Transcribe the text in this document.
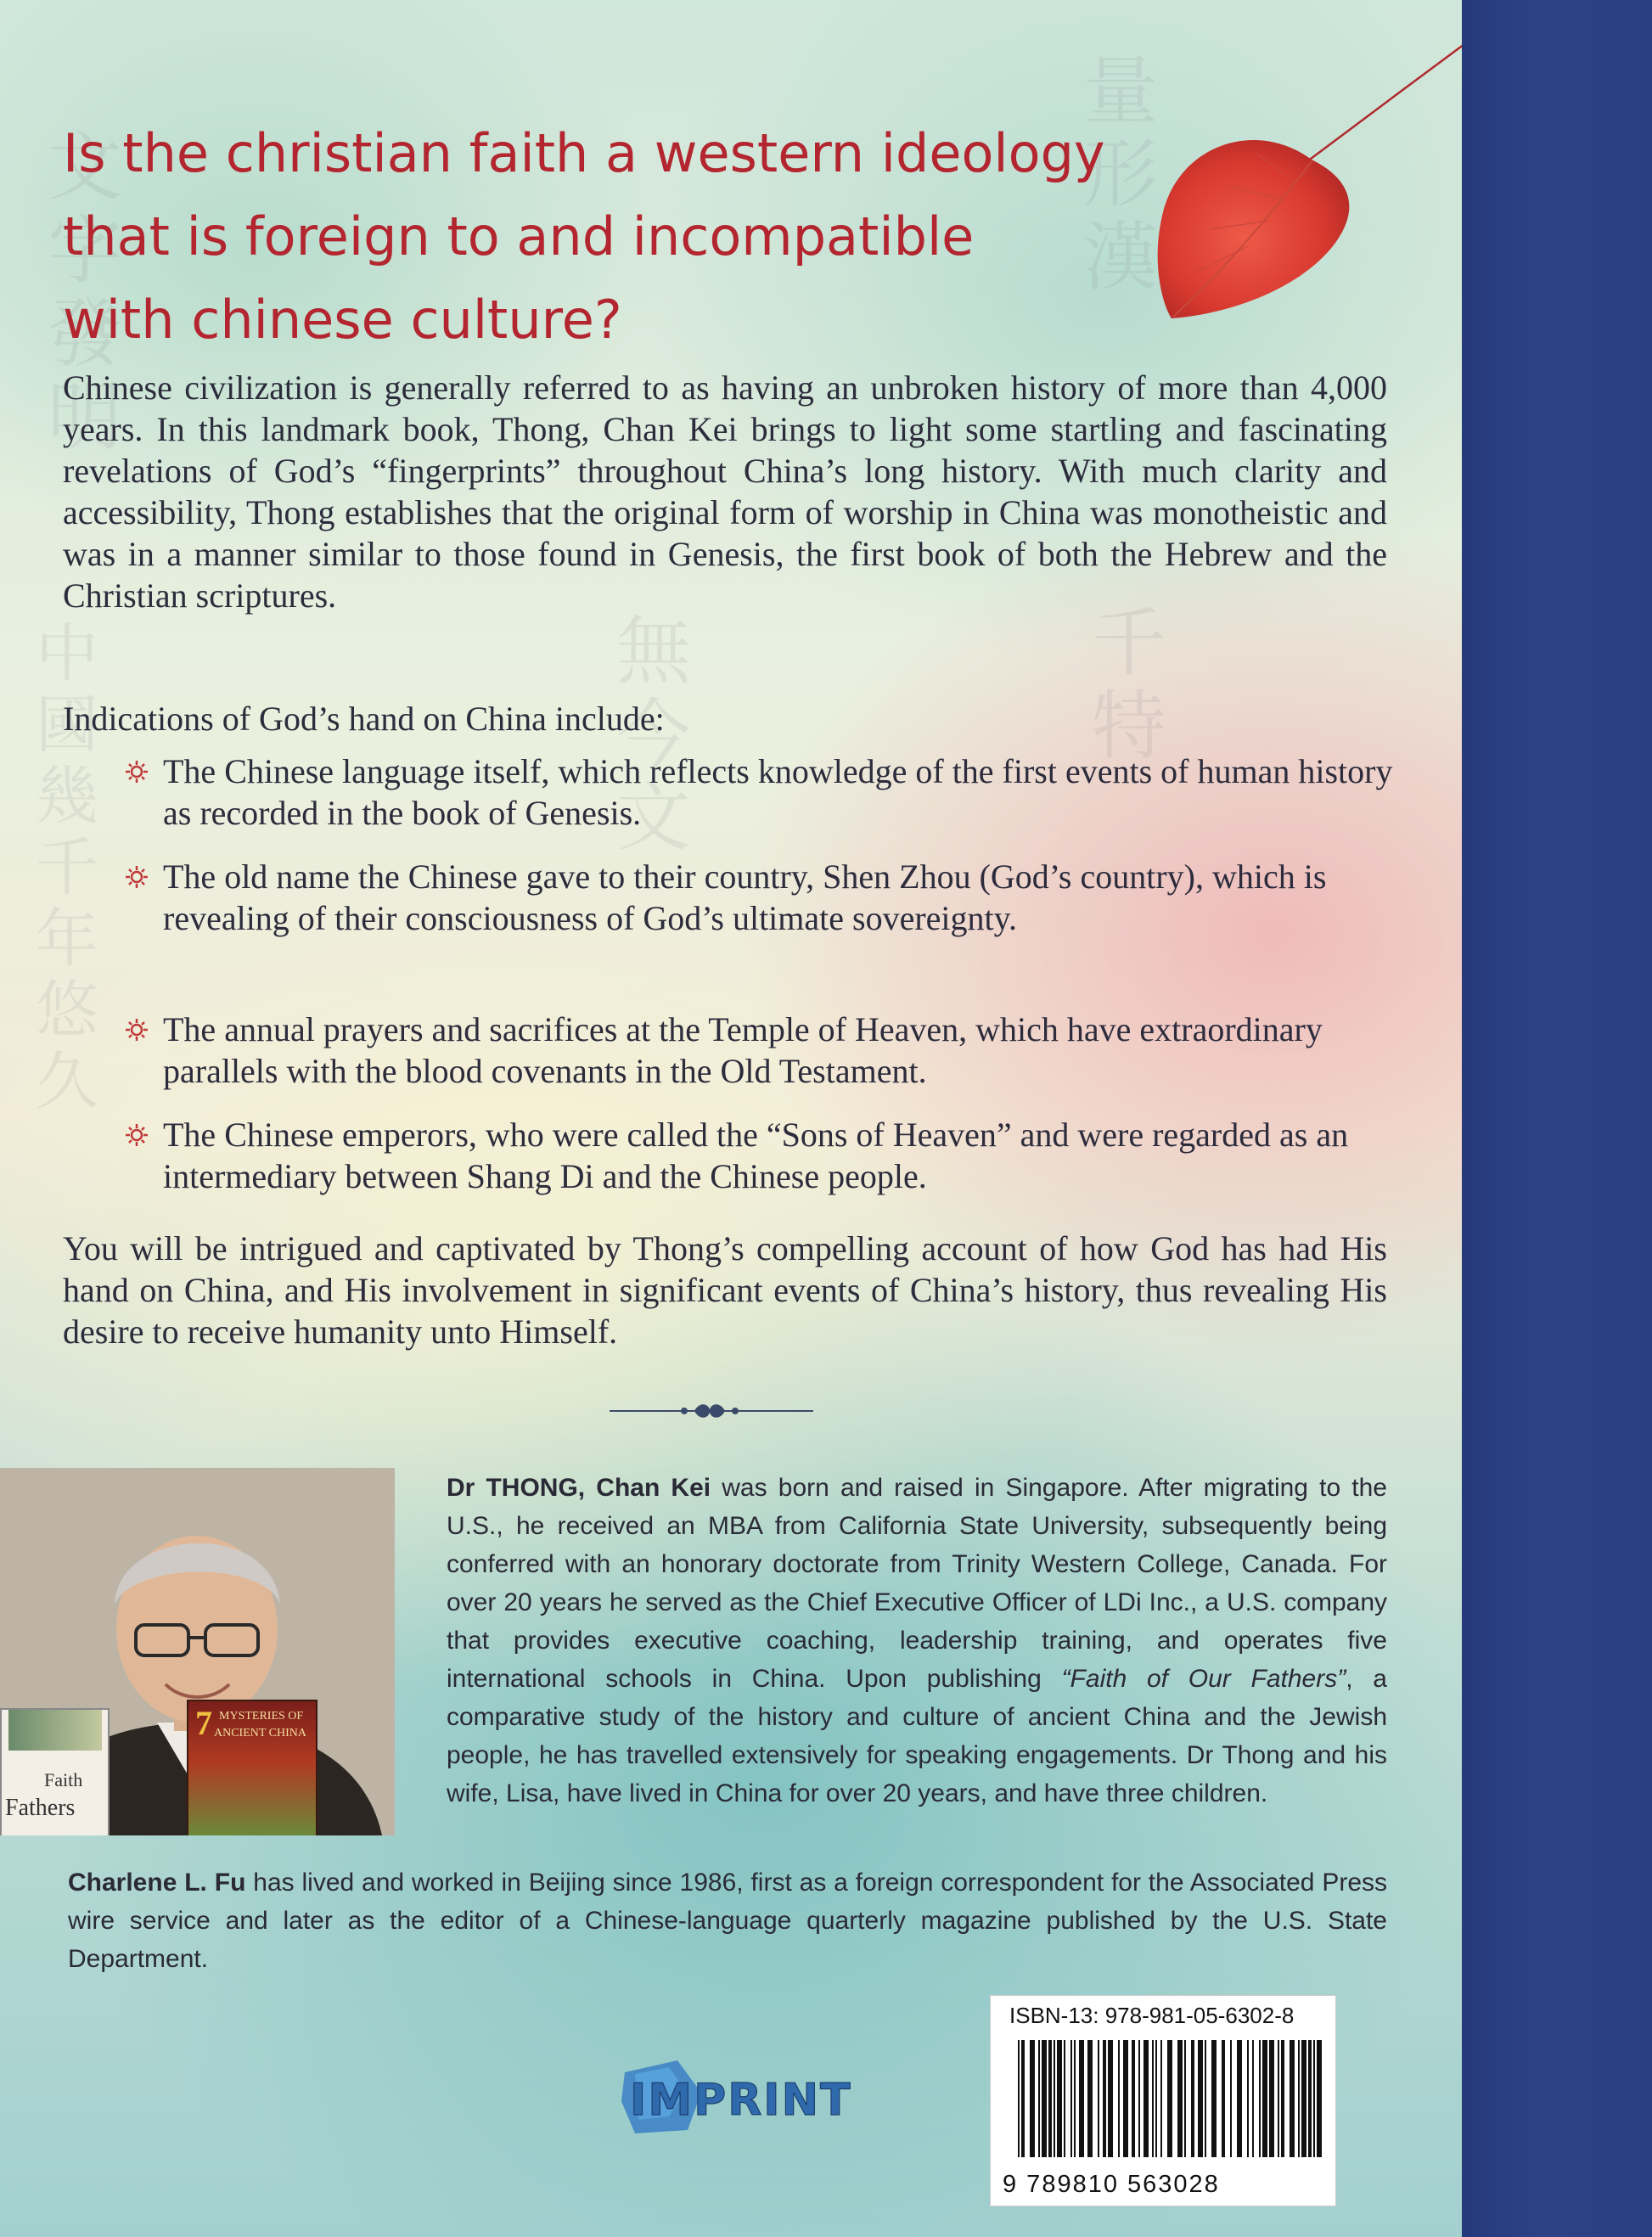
量形漢
文字發明
千特
無今文
中國幾千年悠久
Is the christian faith a western ideology
that is foreign to and incompatible
with chinese culture?

Chinese civilization is generally referred to as having an unbroken history of more than 4,000 years. In this landmark book, Thong, Chan Kei brings to light some startling and fascinating revelations of God’s “fingerprints” throughout China’s long history. With much clarity and accessibility, Thong establishes that the original form of worship in China was monotheistic and was in a manner similar to those found in Genesis, the first book of both the Hebrew and the Christian scriptures.

Indications of God’s hand on China include:

The Chinese language itself, which reflects knowledge of the first events of human history as recorded in the book of Genesis.
The old name the Chinese gave to their country, Shen Zhou (God’s country), which is revealing of their consciousness of God’s ultimate sovereignty.
The annual prayers and sacrifices at the Temple of Heaven, which have extraordinary parallels with the blood covenants in the Old Testament.
The Chinese emperors, who were called the “Sons of Heaven” and were regarded as an intermediary between Shang Di and the Chinese people.

You will be intrigued and captivated by Thong’s compelling account of how God has had His hand on China, and His involvement in significant events of China’s history, thus revealing His desire to receive humanity unto Himself.

Faith
Fathers
7 MYSTERIES OF
ANCIENT CHINA

Dr THONG, Chan Kei was born and raised in Singapore. After migrating to the U.S., he received an MBA from California State University, subsequently being conferred with an honorary doctorate from Trinity Western College, Canada. For over 20 years he served as the Chief Executive Officer of LDi Inc., a U.S. company that provides executive coaching, leadership training, and operates five international schools in China. Upon publishing “Faith of Our Fathers”, a comparative study of the history and culture of ancient China and the Jewish people, he has travelled extensively for speaking engagements. Dr Thong and his wife, Lisa, have lived in China for over 20 years, and have three children.

Charlene L. Fu has lived and worked in Beijing since 1986, first as a foreign correspondent for the Associated Press wire service and later as the editor of a Chinese-language quarterly magazine published by the U.S. State Department.

IMPRINT
ISBN-13: 978-981-05-6302-8
9 789810 563028
